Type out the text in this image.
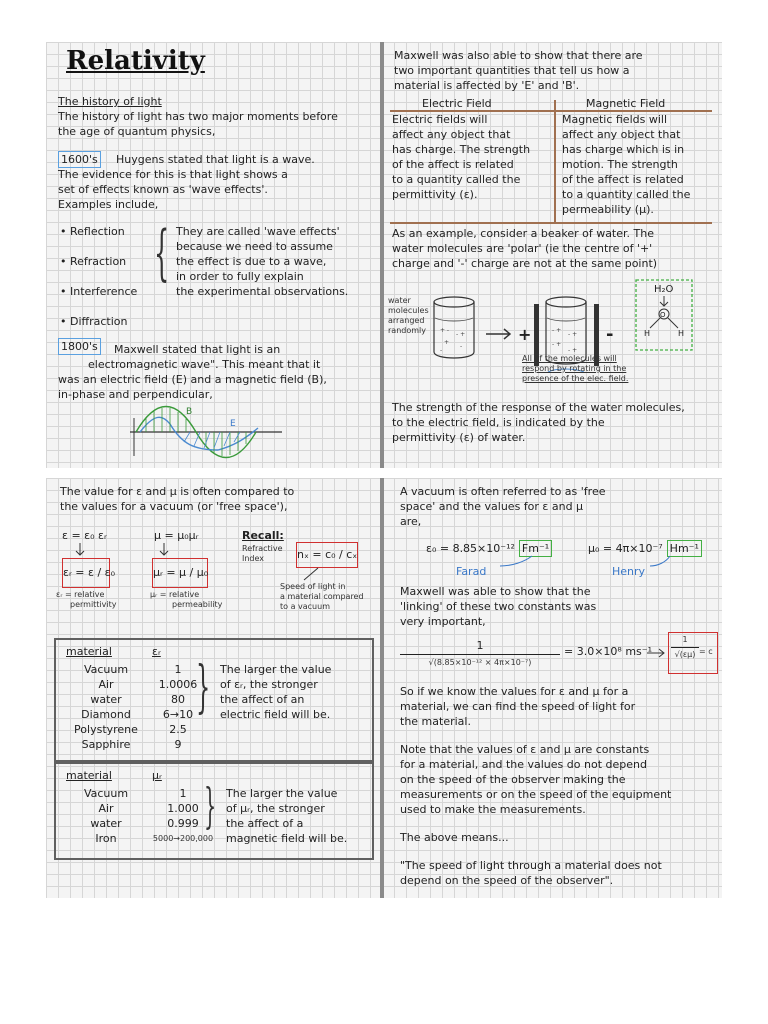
Relativity
The history of light
The history of light has two major moments before
the age of quantum physics,
1600's	Huygens stated that light is a wave.
The evidence for this is that light shows a
set of effects known as 'wave effects'.
Examples include,
• Reflection
• Refraction
• Interference
• Diffraction
{ They are called 'wave effects'
because we need to assume
the effect is due to a wave,
in order to fully explain
the experimental observations.
1800's	Maxwell stated that light is an
electromagnetic wave". This meant that it
was an electric field (E) and a magnetic field (B),
in-phase and perpendicular,
B
E
Maxwell was also able to show that there are
two important quantities that tell us how a
material is affected by 'E' and 'B'.
Electric Field	Magnetic Field
Electric fields will
affect any object that
has charge. The strength
of the affect is related
to a quantity called the
permittivity (ε).
Magnetic fields will
affect any object that
has charge which is in
motion. The strength
of the affect is related
to a quantity called the
permeability (μ).
As an example, consider a beaker of water. The
water molecules are 'polar' (ie the centre of '+'
charge and '-' charge are not at the same point)
water
molecules
arranged
randomly	+ -
- +
+
-
-
+	-
- +
- +
- +
- +
H₂O
O
H	H
All of the molecules will
respond by rotating in the
presence of the elec. field.
The strength of the response of the water molecules,
to the electric field, is indicated by the
permittivity (ε) of water.
The value for ε and μ is often compared to
the values for a vacuum (or 'free space'),
ε = ε₀ εᵣ	μ = μ₀μᵣ
εᵣ = ε / ε₀	μᵣ = μ / μ₀
εᵣ = relative
permittivity
μᵣ = relative
permeability
Recall:
Refractive
Index	nₓ = c₀ / cₓ
Speed of light in
a material compared
to a vacuum
material	εᵣ
Vacuum	1
Air	1.0006
water	80
Diamond	6→10
Polystyrene	2.5
Sapphire	9
} The larger the value
of εᵣ, the stronger
the affect of an
electric field will be.
material	μᵣ
Vacuum	1
Air	1.000
water	0.999
Iron	5000→200,000
} The larger the value
of μᵣ, the stronger
the affect of a
magnetic field will be.
A vacuum is often referred to as 'free
space' and the values for ε and μ
are,
ε₀ = 8.85×10⁻¹² Fm⁻¹	μ₀ = 4π×10⁻⁷ Hm⁻¹
Farad	Henry
Maxwell was able to show that the
'linking' of these two constants was
very important,
1
√(8.85×10⁻¹² × 4π×10⁻⁷)
= 3.0×10⁸ ms⁻¹
1
√(εμ) = c
So if we know the values for ε and μ for a
material, we can find the speed of light for
the material.
Note that the values of ε and μ are constants
for a material, and the values do not depend
on the speed of the observer making the
measurements or on the speed of the equipment
used to make the measurements.
The above means...
"The speed of light through a material does not
depend on the speed of the observer".
